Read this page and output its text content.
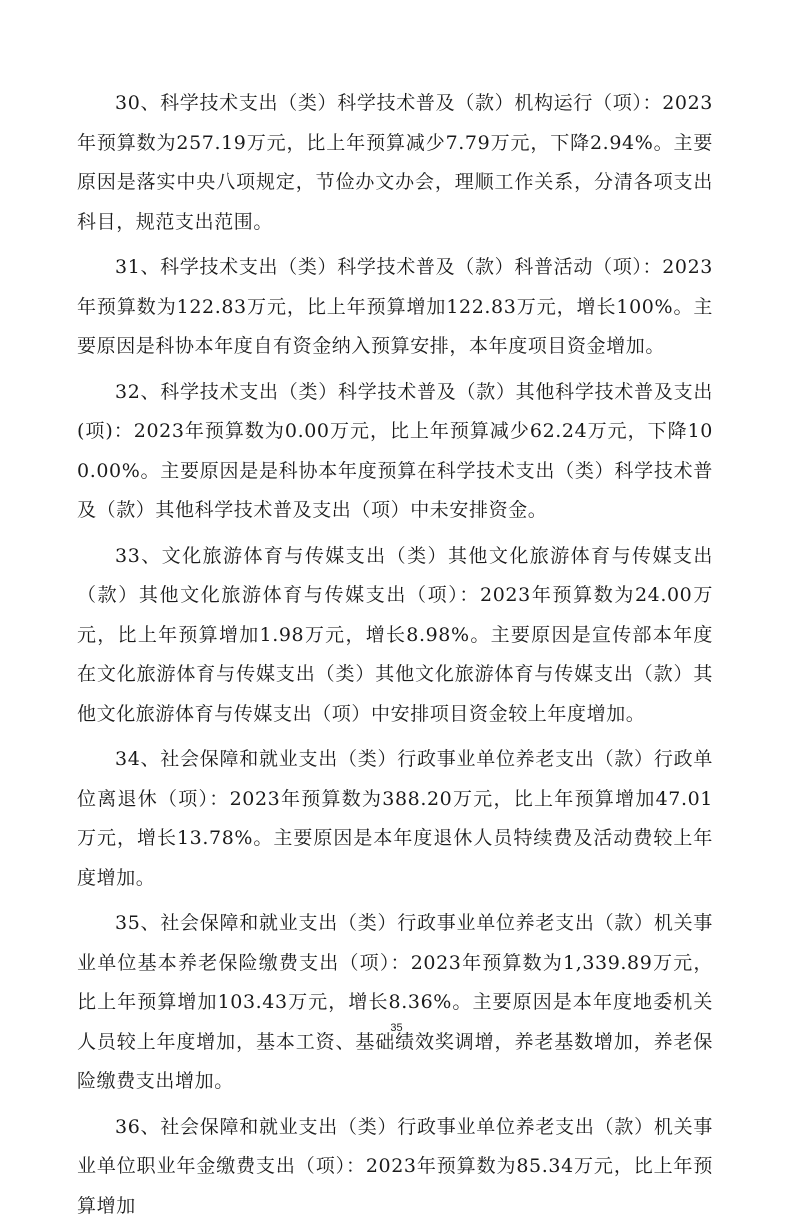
30、科学技术支出（类）科学技术普及（款）机构运行（项）：2023年预算数为257.19万元，比上年预算减少7.79万元，下降2.94%。主要原因是落实中央八项规定，节俭办文办会，理顺工作关系，分清各项支出科目，规范支出范围。

31、科学技术支出（类）科学技术普及（款）科普活动（项）：2023年预算数为122.83万元，比上年预算增加122.83万元，增长100%。主要原因是科协本年度自有资金纳入预算安排，本年度项目资金增加。

32、科学技术支出（类）科学技术普及（款）其他科学技术普及支出(项)：2023年预算数为0.00万元，比上年预算减少62.24万元，下降100.00%。主要原因是是科协本年度预算在科学技术支出（类）科学技术普及（款）其他科学技术普及支出（项）中未安排资金。

33、文化旅游体育与传媒支出（类）其他文化旅游体育与传媒支出（款）其他文化旅游体育与传媒支出（项）：2023年预算数为24.00万元，比上年预算增加1.98万元，增长8.98%。主要原因是宣传部本年度在文化旅游体育与传媒支出（类）其他文化旅游体育与传媒支出（款）其他文化旅游体育与传媒支出（项）中安排项目资金较上年度增加。

34、社会保障和就业支出（类）行政事业单位养老支出（款）行政单位离退休（项）：2023年预算数为388.20万元，比上年预算增加47.01万元，增长13.78%。主要原因是本年度退休人员特续费及活动费较上年度增加。

35、社会保障和就业支出（类）行政事业单位养老支出（款）机关事业单位基本养老保险缴费支出（项）：2023年预算数为1,339.89万元，比上年预算增加103.43万元，增长8.36%。主要原因是本年度地委机关人员较上年度增加，基本工资、基础绩效奖调增，养老基数增加，养老保险缴费支出增加。

36、社会保障和就业支出（类）行政事业单位养老支出（款）机关事业单位职业年金缴费支出（项）：2023年预算数为85.34万元，比上年预算增加

35
